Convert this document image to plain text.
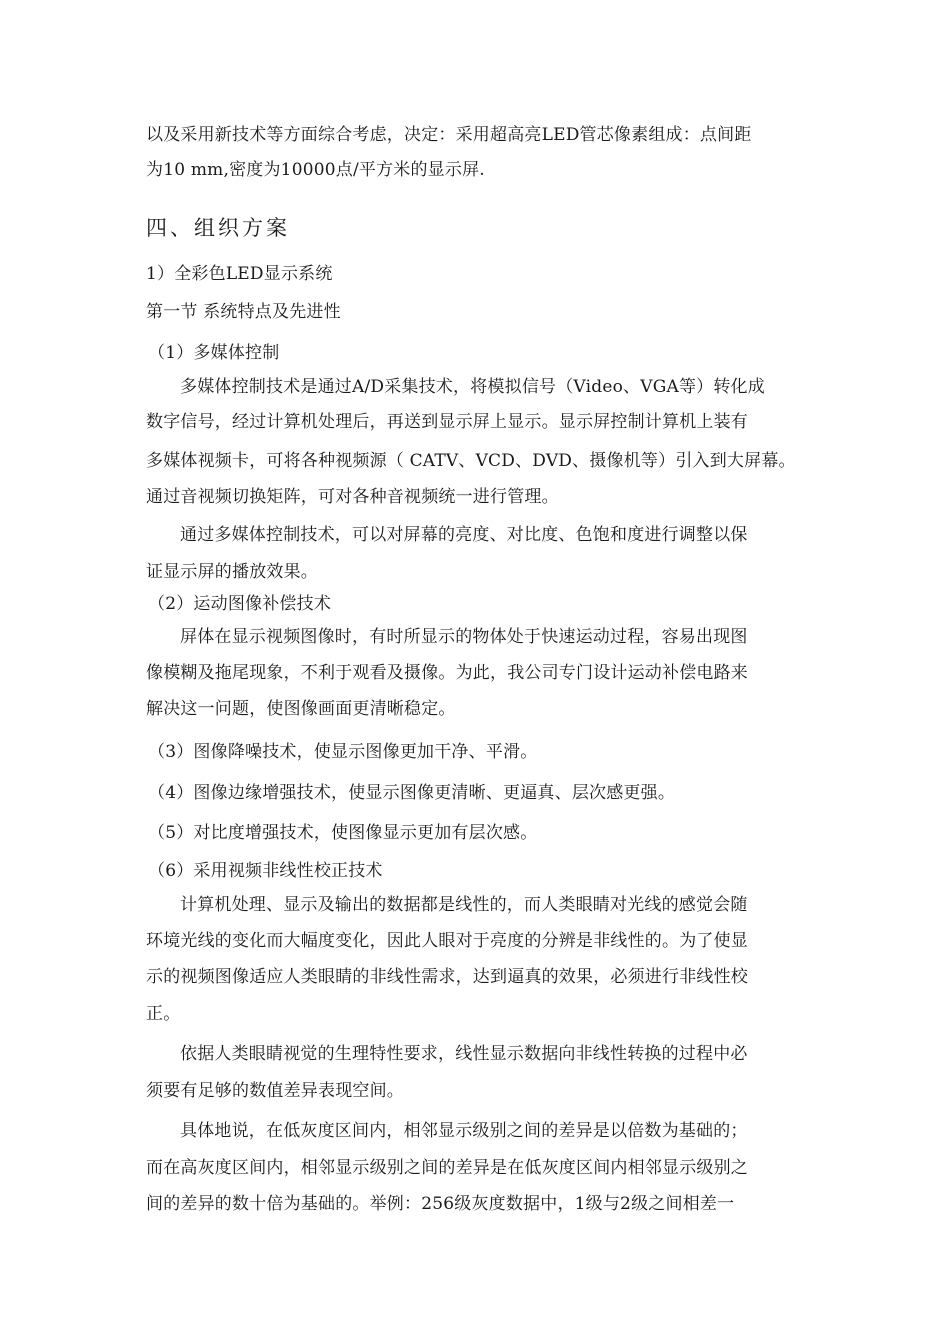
以及采用新技术等方面综合考虑，决定：采用超高亮LED管芯像素组成：点间距
为10 mm,密度为10000点/平方米的显示屏.
四、组织方案
1）全彩色LED显示系统
第一节 系统特点及先进性
（1）多媒体控制
多媒体控制技术是通过A/D采集技术，将模拟信号（Video、VGA等）转化成
数字信号，经过计算机处理后，再送到显示屏上显示。显示屏控制计算机上装有
多媒体视频卡，可将各种视频源（ CATV、VCD、DVD、摄像机等）引入到大屏幕。
通过音视频切换矩阵，可对各种音视频统一进行管理。
通过多媒体控制技术，可以对屏幕的亮度、对比度、色饱和度进行调整以保
证显示屏的播放效果。
（2）运动图像补偿技术
屏体在显示视频图像时，有时所显示的物体处于快速运动过程，容易出现图
像模糊及拖尾现象，不利于观看及摄像。为此，我公司专门设计运动补偿电路来
解决这一问题，使图像画面更清晰稳定。
（3）图像降噪技术，使显示图像更加干净、平滑。
（4）图像边缘增强技术，使显示图像更清晰、更逼真、层次感更强。
（5）对比度增强技术，使图像显示更加有层次感。
（6）采用视频非线性校正技术
计算机处理、显示及输出的数据都是线性的，而人类眼睛对光线的感觉会随
环境光线的变化而大幅度变化，因此人眼对于亮度的分辨是非线性的。为了使显
示的视频图像适应人类眼睛的非线性需求，达到逼真的效果，必须进行非线性校
正。
依据人类眼睛视觉的生理特性要求，线性显示数据向非线性转换的过程中必
须要有足够的数值差异表现空间。
具体地说，在低灰度区间内，相邻显示级别之间的差异是以倍数为基础的；
而在高灰度区间内，相邻显示级别之间的差异是在低灰度区间内相邻显示级别之
间的差异的数十倍为基础的。举例：256级灰度数据中，1级与2级之间相差一
